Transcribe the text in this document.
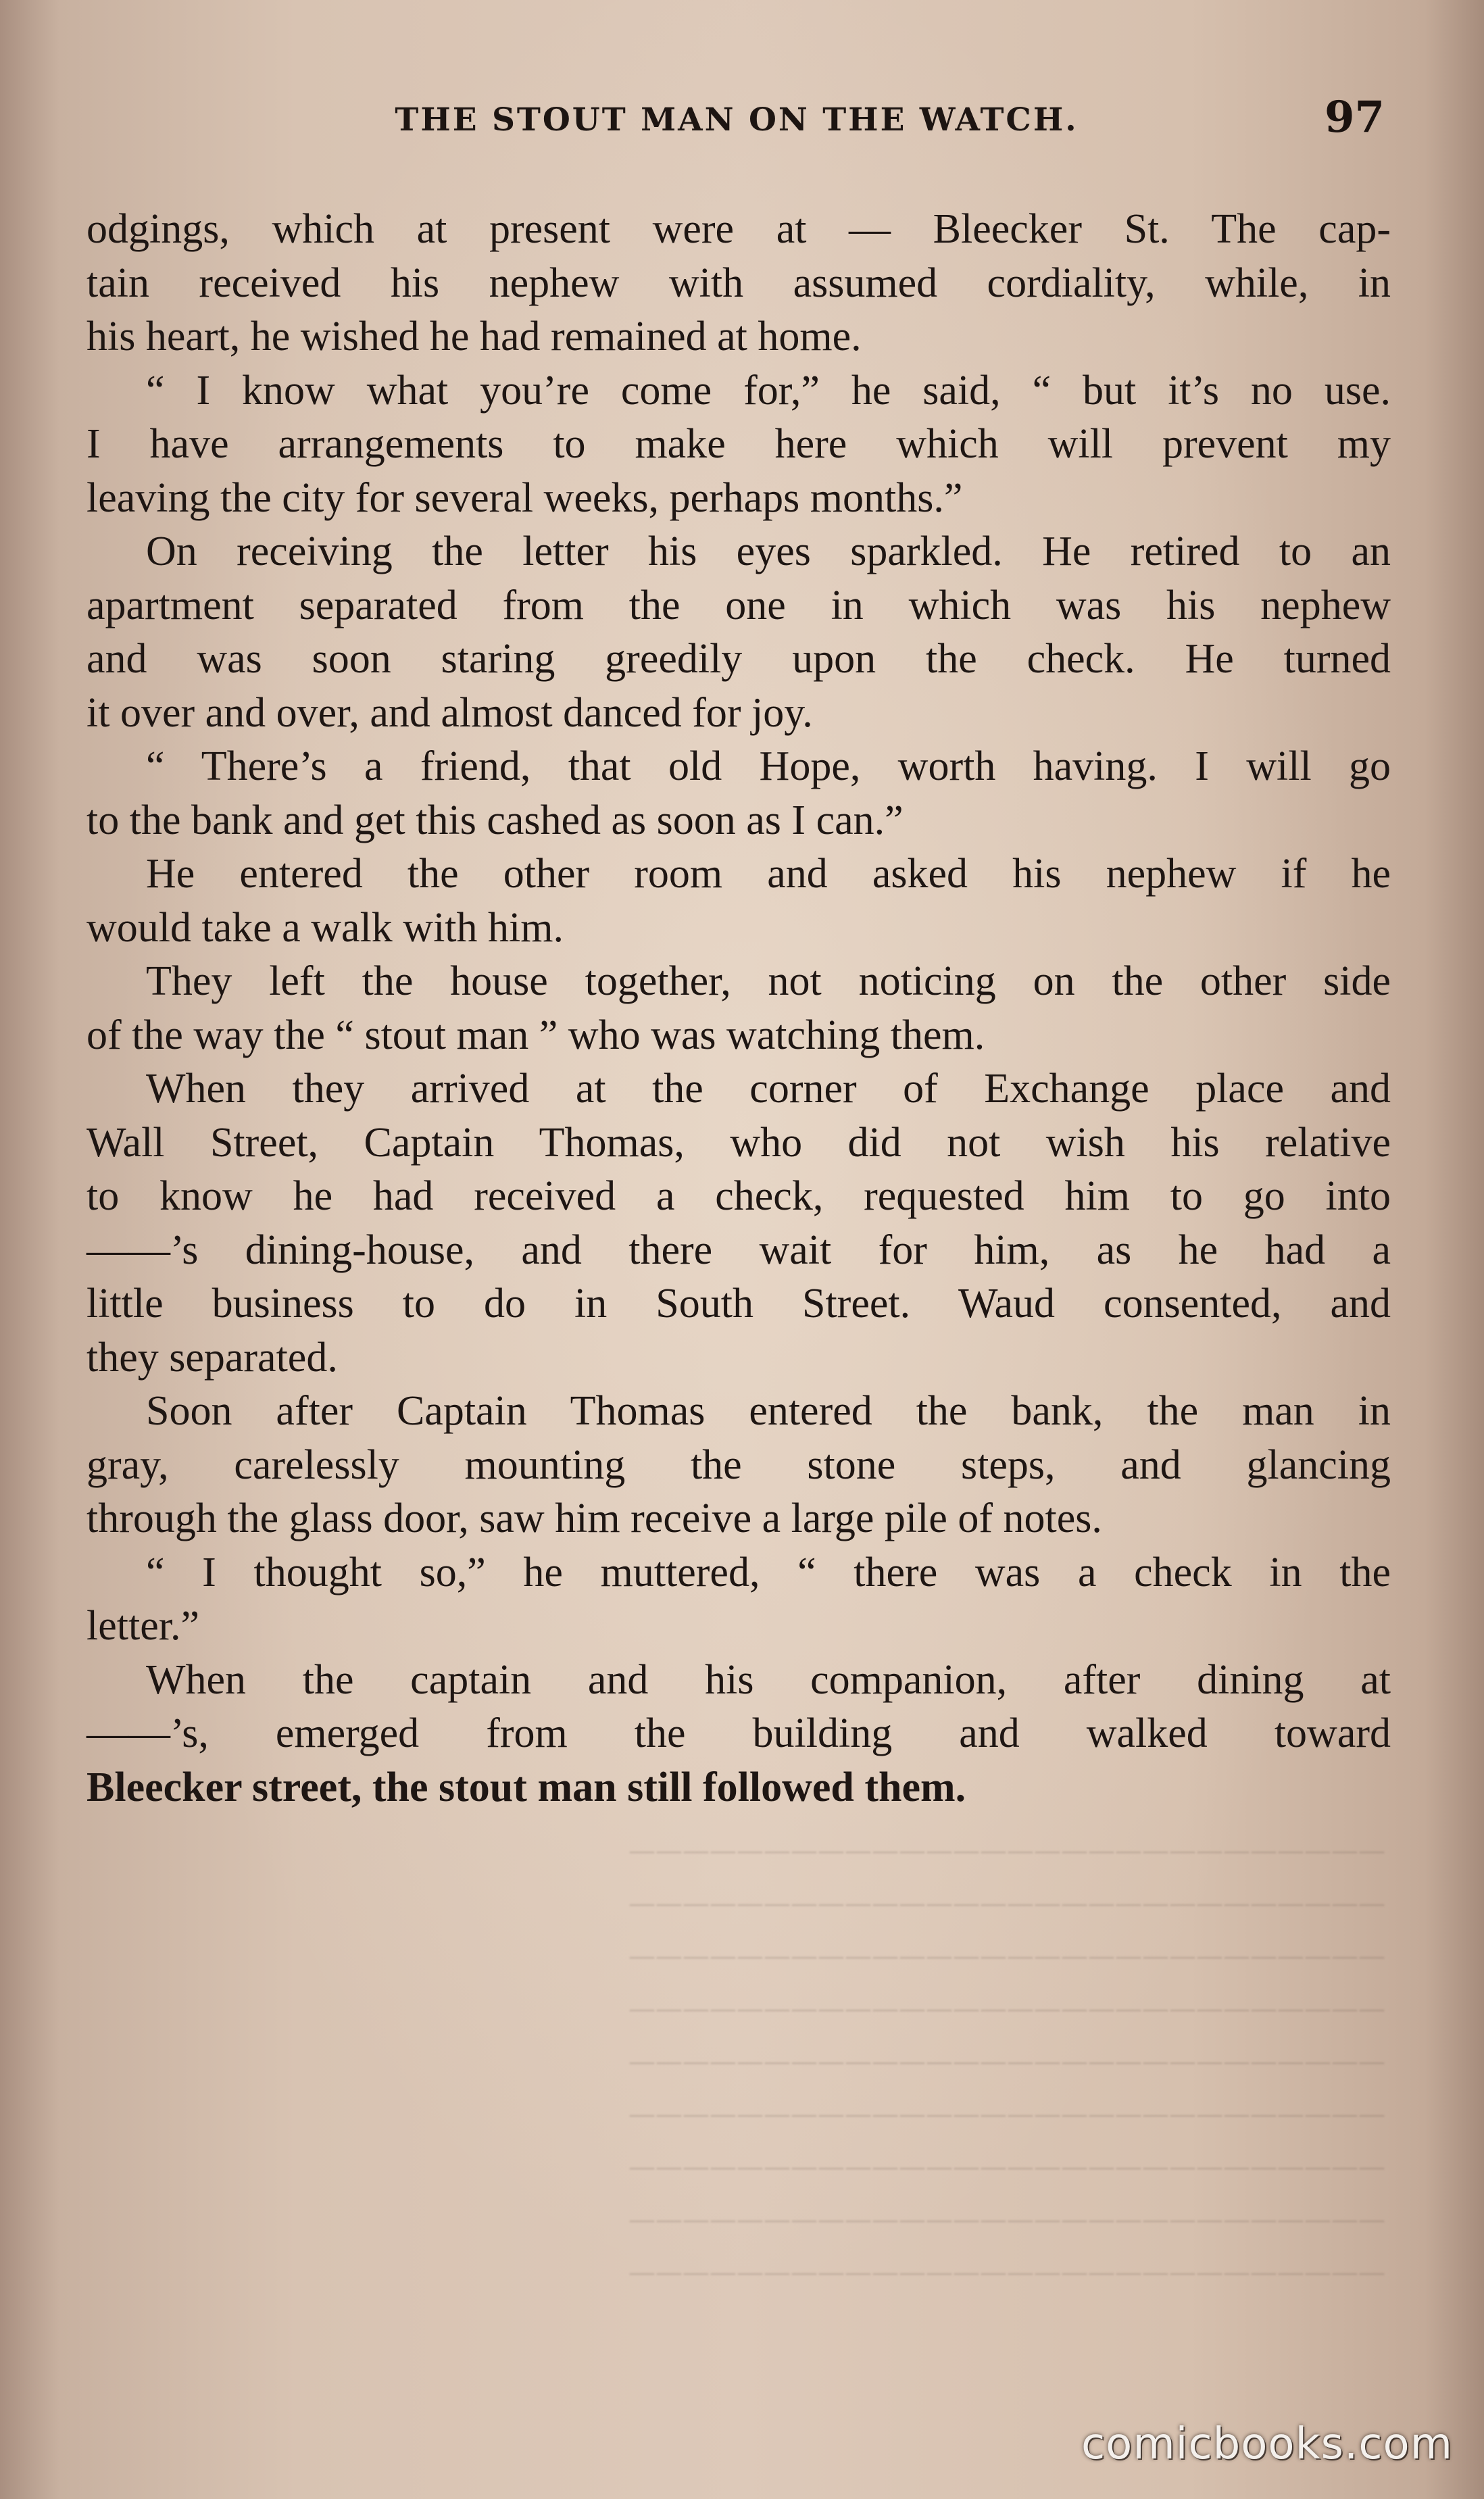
————————————————————————————
————————————————————————————
————————————————————————————
————————————————————————————
————————————————————————————
————————————————————————————
————————————————————————————
————————————————————————————
————————————————————————————
THE STOUT MAN ON THE WATCH.	97

odgings, which at present were at — Bleecker St. The cap-
tain received his nephew with assumed cordiality, while, in
his heart, he wished he had remained at home.

“ I know what you’re come for,” he said, “ but it’s no use.
I have arrangements to make here which will prevent my
leaving the city for several weeks, perhaps months.”

On receiving the letter his eyes sparkled. He retired to an
apartment separated from the one in which was his nephew
and was soon staring greedily upon the check. He turned
it over and over, and almost danced for joy.

“ There’s a friend, that old Hope, worth having. I will go
to the bank and get this cashed as soon as I can.”

He entered the other room and asked his nephew if he
would take a walk with him.

They left the house together, not noticing on the other side
of the way the “ stout man ” who was watching them.

When they arrived at the corner of Exchange place and
Wall Street, Captain Thomas, who did not wish his relative
to know he had received a check, requested him to go into
——’s dining-house, and there wait for him, as he had a
little business to do in South Street. Waud consented, and
they separated.

Soon after Captain Thomas entered the bank, the man in
gray, carelessly mounting the stone steps, and glancing
through the glass door, saw him receive a large pile of notes.

“ I thought so,” he muttered, “ there was a check in the
letter.”

When the captain and his companion, after dining at
——’s, emerged from the building and walked toward
Bleecker street, the stout man still followed them.

comicbooks.com
